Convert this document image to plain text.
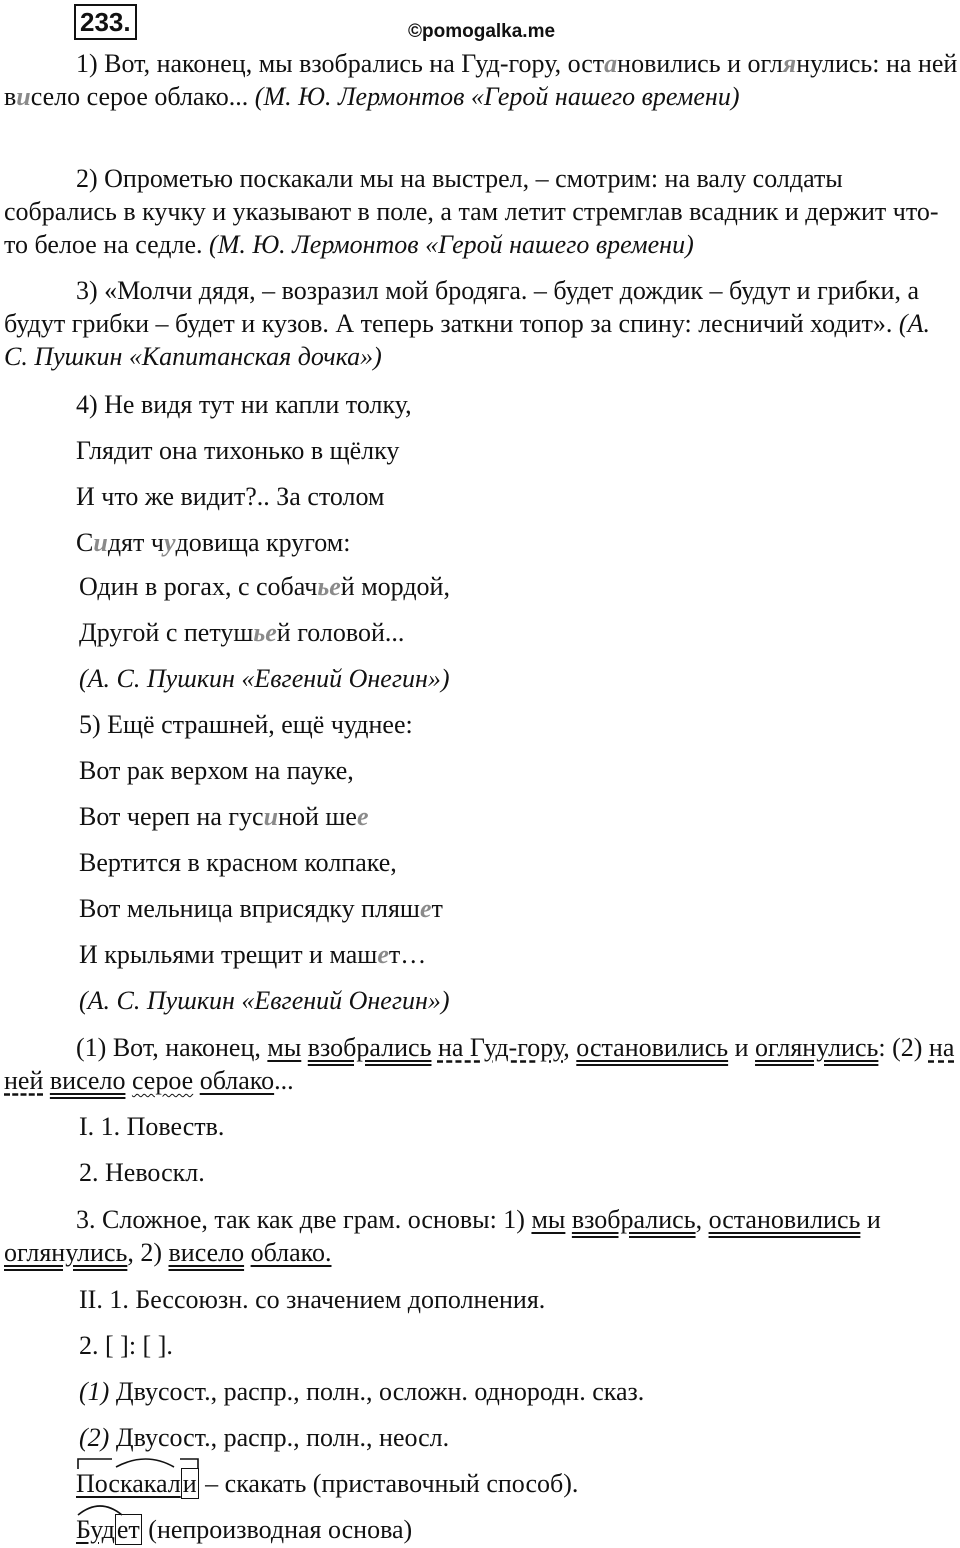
233.	©pomogalka.me

1) Вот, наконец, мы взобрались на Гуд-гору, остановились и оглянулись: на ней висело серое облако... (М. Ю. Лермонтов «Герой нашего времени)

2) Опрометью поскакали мы на выстрел, – смотрим: на валу солдаты собрались в кучку и указывают в поле, а там летит стремглав всадник и держит что-то белое на седле. (М. Ю. Лермонтов «Герой нашего времени)

3) «Молчи дядя, – возразил мой бродяга. – будет дождик – будут и грибки, а будут грибки – будет и кузов. А теперь заткни топор за спину: лесничий ходит». (А. С. Пушкин «Капитанская дочка»)

4) Не видя тут ни капли толку,
Глядит она тихонько в щёлку
И что же видит?.. За столом
Сидят чудовища кругом:
Один в рогах, с собачьей мордой,
Другой с петушьей головой...
(А. С. Пушкин «Евгений Онегин»)
5) Ещё страшней, ещё чуднее:
Вот рак верхом на пауке,
Вот череп на гусиной шее
Вертится в красном колпаке,
Вот мельница вприсядку пляшет
И крыльями трещит и машет…
(А. С. Пушкин «Евгений Онегин»)

(1) Вот, наконец, мы взобрались на Гуд-гору, остановились и оглянулись: (2) на ней висело серое облако...

I. 1. Повеств.
2. Невоскл.

3. Сложное, так как две грам. основы: 1) мы взобрались, остановились и оглянулись, 2) висело облако.

II. 1. Бессоюзн. со значением дополнения.
2. [ ]: [ ].
(1) Двусост., распр., полн., осложн. однородн. сказ.
(2) Двусост., распр., полн., неосл.
Поскакали – скакать (приставочный способ).
Будет (непроизводная основа)
